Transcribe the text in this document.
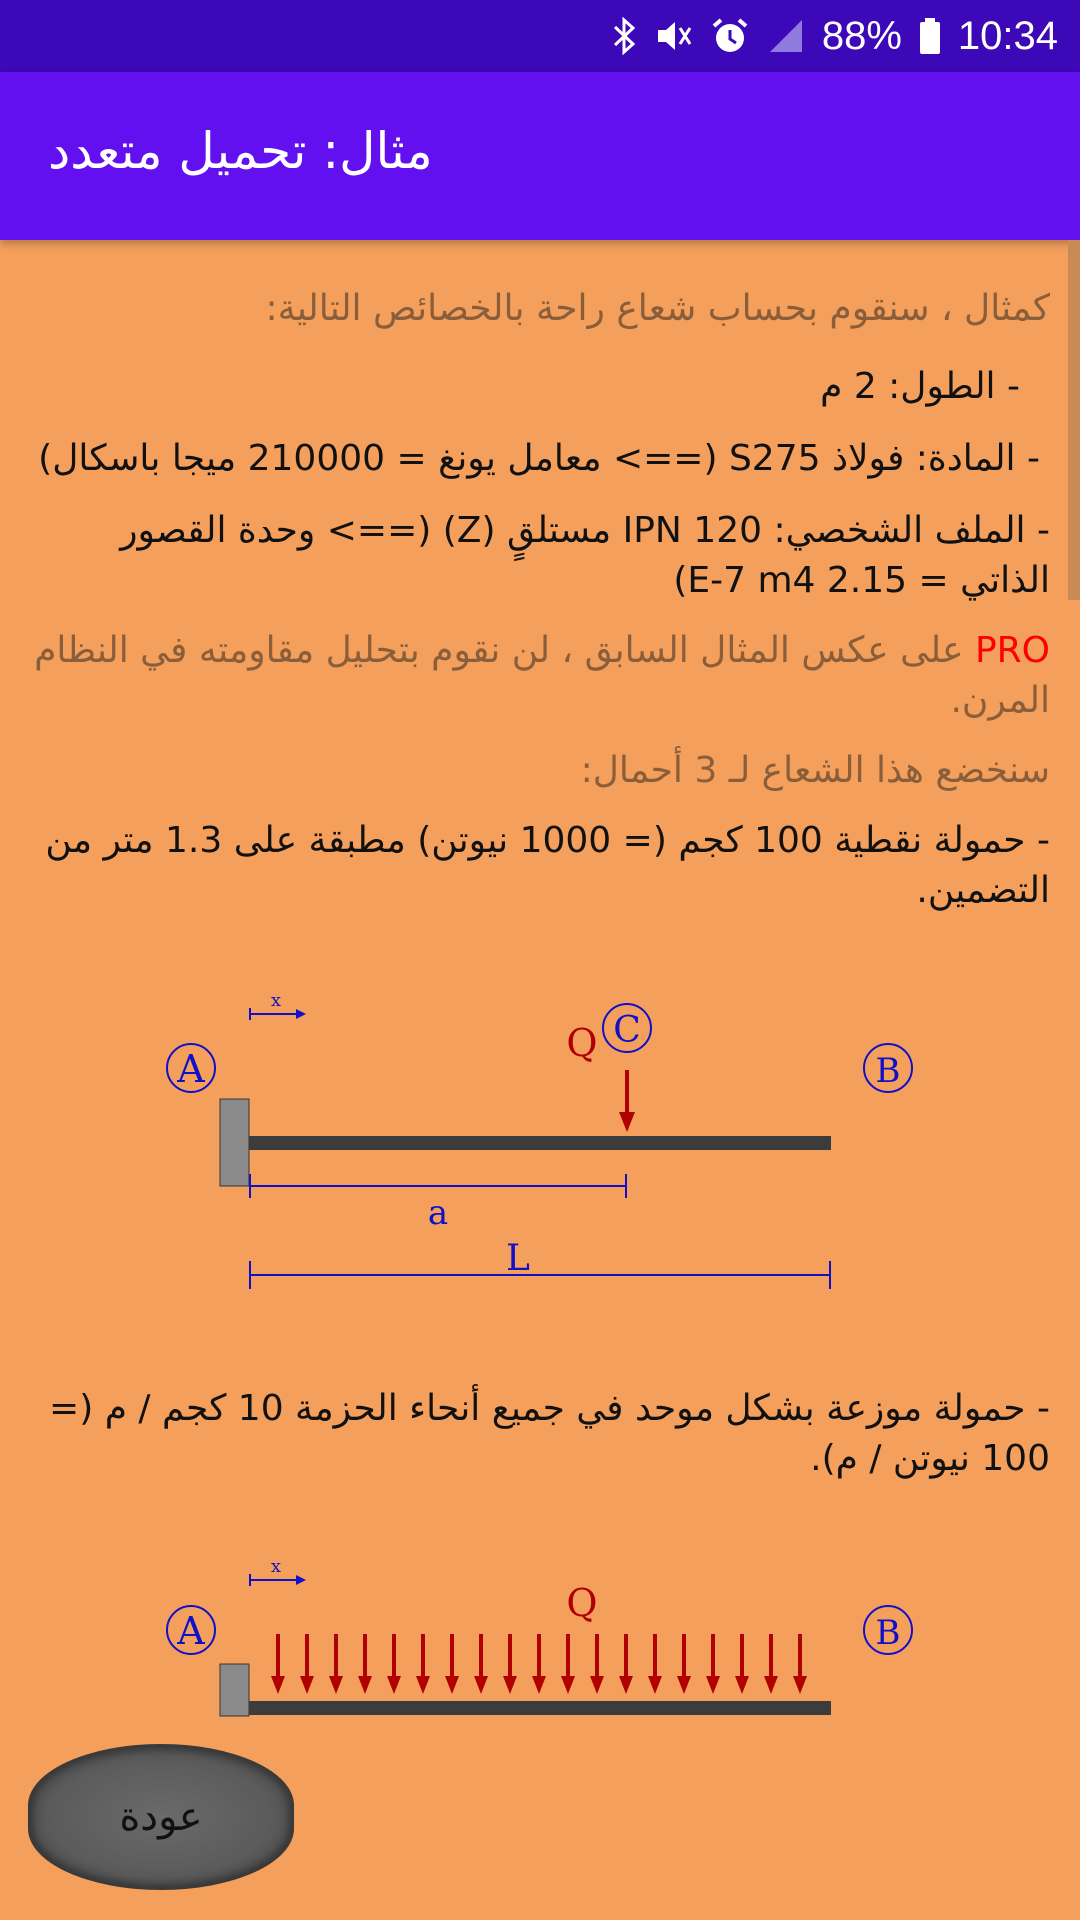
88% 10:34
مثال: تحميل متعدد
كمثال ، سنقوم بحساب شعاع راحة بالخصائص التالية:
- الطول: 2 م
- المادة: فولاذ S275 (==> معامل يونغ = 210000 ميجا باسكال)
- الملف الشخصي: IPN 120 مستلقٍ (Z) (==> وحدة القصور الذاتي = 2.15 E-7 m4)
PRO على عكس المثال السابق ، لن نقوم بتحليل مقاومته في النظام المرن.
سنخضع هذا الشعاع لـ 3 أحمال:
- حمولة نقطية 100 كجم (= 1000 نيوتن) مطبقة على 1.3 متر من التضمين.
- حمولة موزعة بشكل موحد في جميع أنحاء الحزمة 10 كجم / م (= 100 نيوتن / م).
x
A	B
C
Q
a
L
x
A	B
Q
عودة
